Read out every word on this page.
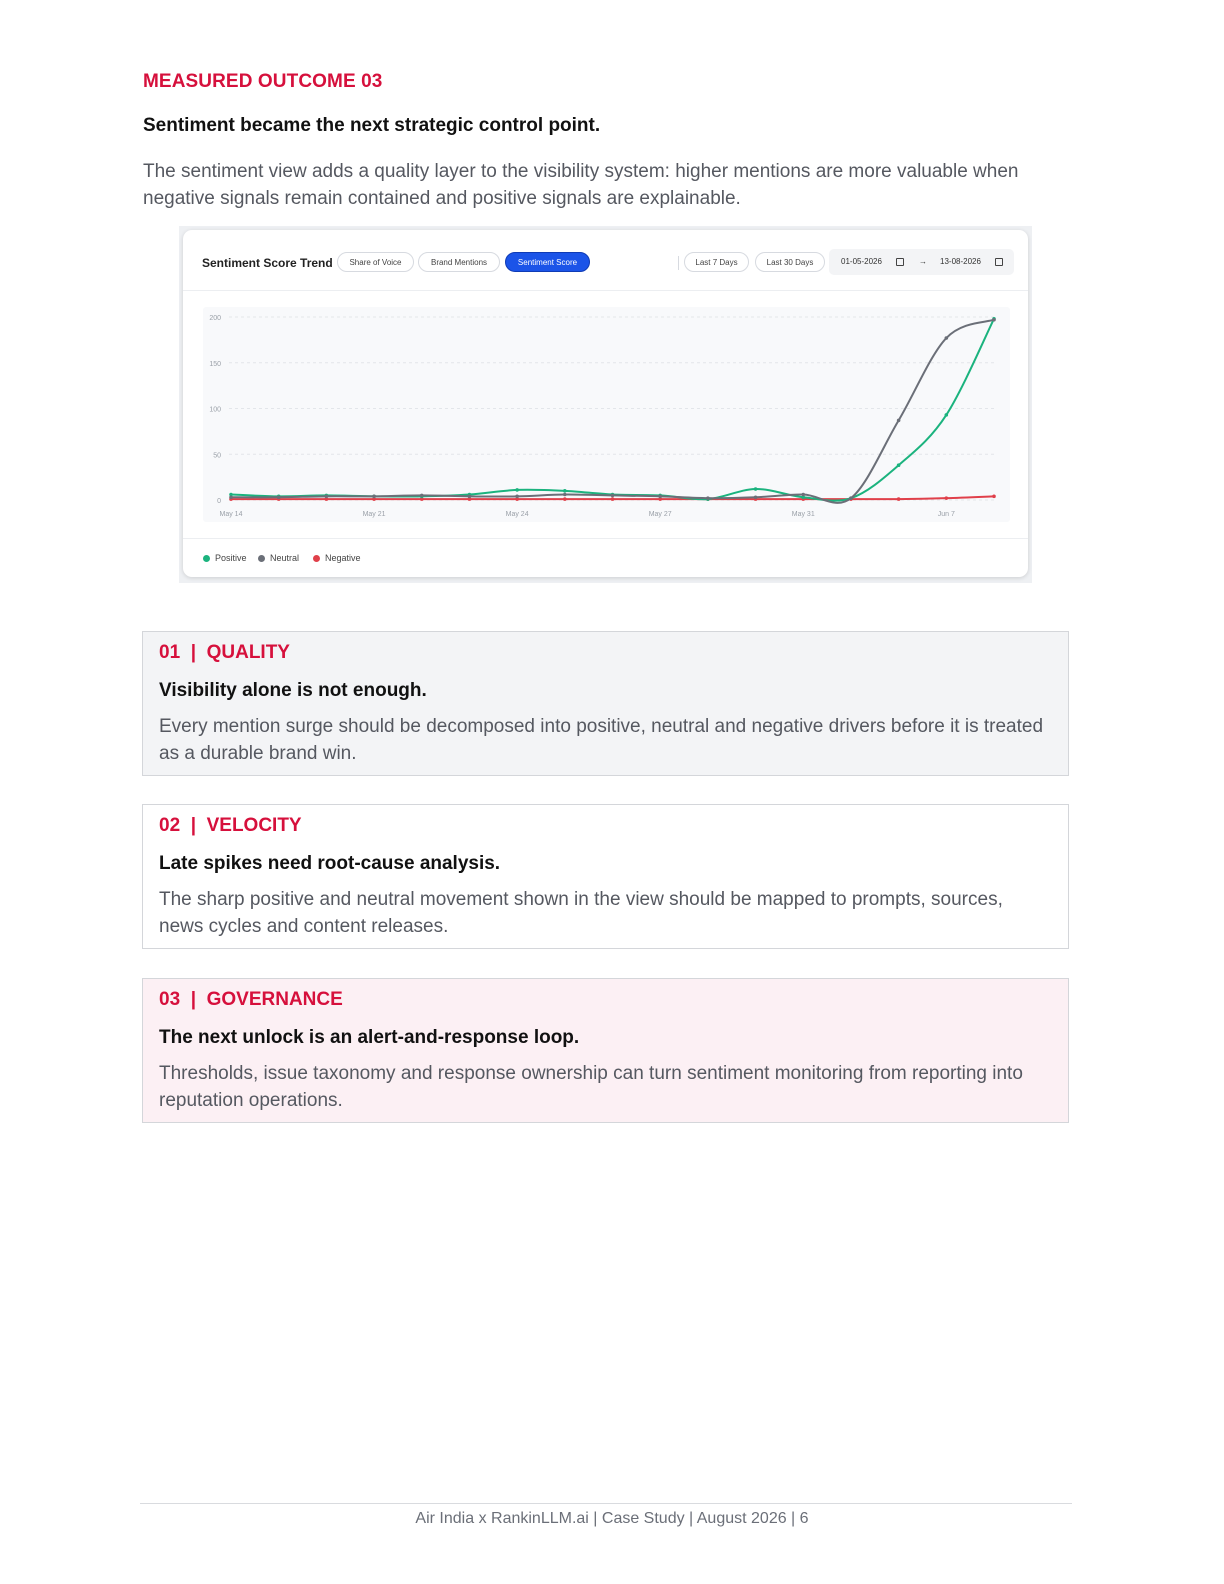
MEASURED OUTCOME 03
Sentiment became the next strategic control point.
The sentiment view adds a quality layer to the visibility system: higher mentions are more valuable when negative signals remain contained and positive signals are explainable.
Sentiment Score Trend	Share of Voice	Brand Mentions	Sentiment Score	Last 7 Days	Last 30 Days	01-05-2026	→ 13-08-2026
0
50
100
150
200
May 14	May 21	May 24	May 27	May 31	Jun 7
Positive	Neutral	Negative
01 | QUALITY
Visibility alone is not enough.
Every mention surge should be decomposed into positive, neutral and negative drivers before it is treated as a durable brand win.
02 | VELOCITY
Late spikes need root-cause analysis.
The sharp positive and neutral movement shown in the view should be mapped to prompts, sources, news cycles and content releases.
03 | GOVERNANCE
The next unlock is an alert-and-response loop.
Thresholds, issue taxonomy and response ownership can turn sentiment monitoring from reporting into reputation operations.
Air India x RankinLLM.ai | Case Study | August 2026 | 6
